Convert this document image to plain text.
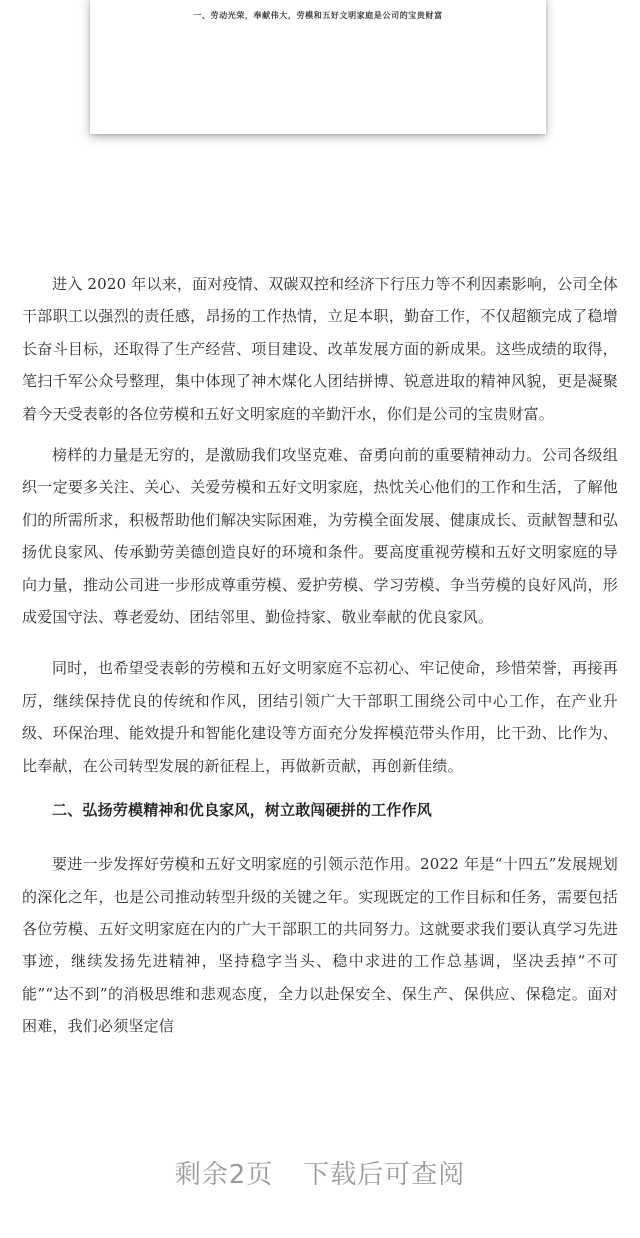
一、劳动光荣，奉献伟大，劳模和五好文明家庭是公司的宝贵财富

进入 2020 年以来，面对疫情、双碳双控和经济下行压力等不利因素影响，公司全体干部职工以强烈的责任感，昂扬的工作热情，立足本职，勤奋工作，不仅超额完成了稳增长奋斗目标，还取得了生产经营、项目建设、改革发展方面的新成果。这些成绩的取得，笔扫千军公众号整理，集中体现了神木煤化人团结拼博、锐意进取的精神风貌，更是凝聚着今天受表彰的各位劳模和五好文明家庭的辛勤汗水，你们是公司的宝贵财富。

榜样的力量是无穷的，是激励我们攻坚克难、奋勇向前的重要精神动力。公司各级组织一定要多关注、关心、关爱劳模和五好文明家庭，热忱关心他们的工作和生活，了解他们的所需所求，积极帮助他们解决实际困难，为劳模全面发展、健康成长、贡献智慧和弘扬优良家风、传承勤劳美德创造良好的环境和条件。要高度重视劳模和五好文明家庭的导向力量，推动公司进一步形成尊重劳模、爱护劳模、学习劳模、争当劳模的良好风尚，形成爱国守法、尊老爱幼、团结邻里、勤俭持家、敬业奉献的优良家风。

同时，也希望受表彰的劳模和五好文明家庭不忘初心、牢记使命，珍惜荣誉，再接再厉，继续保持优良的传统和作风，团结引领广大干部职工围绕公司中心工作，在产业升级、环保治理、能效提升和智能化建设等方面充分发挥模范带头作用，比干劲、比作为、比奉献，在公司转型发展的新征程上，再做新贡献，再创新佳绩。

二、弘扬劳模精神和优良家风，树立敢闯硬拼的工作作风

要进一步发挥好劳模和五好文明家庭的引领示范作用。2022 年是“十四五”发展规划的深化之年，也是公司推动转型升级的关键之年。实现既定的工作目标和任务，需要包括各位劳模、五好文明家庭在内的广大干部职工的共同努力。这就要求我们要认真学习先进事迹，继续发扬先进精神，坚持稳字当头、稳中求进的工作总基调，坚决丢掉“不可能”“达不到”的消极思维和悲观态度，全力以赴保安全、保生产、保供应、保稳定。面对困难，我们必须坚定信

剩余2页 下载后可查阅
